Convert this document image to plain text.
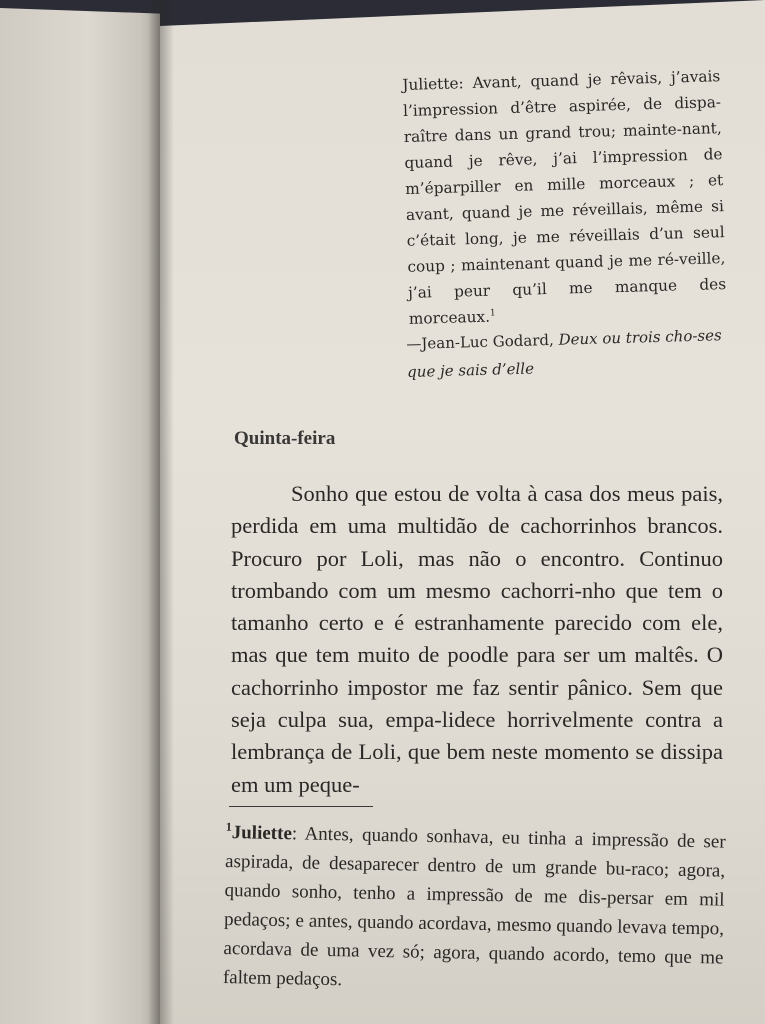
Juliette: Avant, quand je rêvais, j’avais l’impression d’être aspirée, de dispa-raître dans un grand trou; mainte-nant, quand je rêve, j’ai l’impression de m’éparpiller en mille morceaux ; et avant, quand je me réveillais, même si c’était long, je me réveillais d’un seul coup ; maintenant quand je me ré-veille, j’ai peur qu’il me manque des morceaux.$^1$
—Jean-Luc Godard, Deux ou trois cho-ses que je sais d’elle
Quinta-feira
Sonho que estou de volta à casa dos meus pais, perdida em uma multidão de cachorrinhos brancos. Procuro por Loli, mas não o encontro. Continuo trombando com um mesmo cachorri-nho que tem o tamanho certo e é estranhamente parecido com ele, mas que tem muito de poodle para ser um maltês. O cachorrinho impostor me faz sentir pânico. Sem que seja culpa sua, empa-lidece horrivelmente contra a lembrança de Loli, que bem neste momento se dissipa em um peque-
$^1$Juliette: Antes, quando sonhava, eu tinha a impressão de ser aspirada, de desaparecer dentro de um grande bu-raco; agora, quando sonho, tenho a impressão de me dis-persar em mil pedaços; e antes, quando acordava, mesmo quando levava tempo, acordava de uma vez só; agora, quando acordo, temo que me faltem pedaços.
